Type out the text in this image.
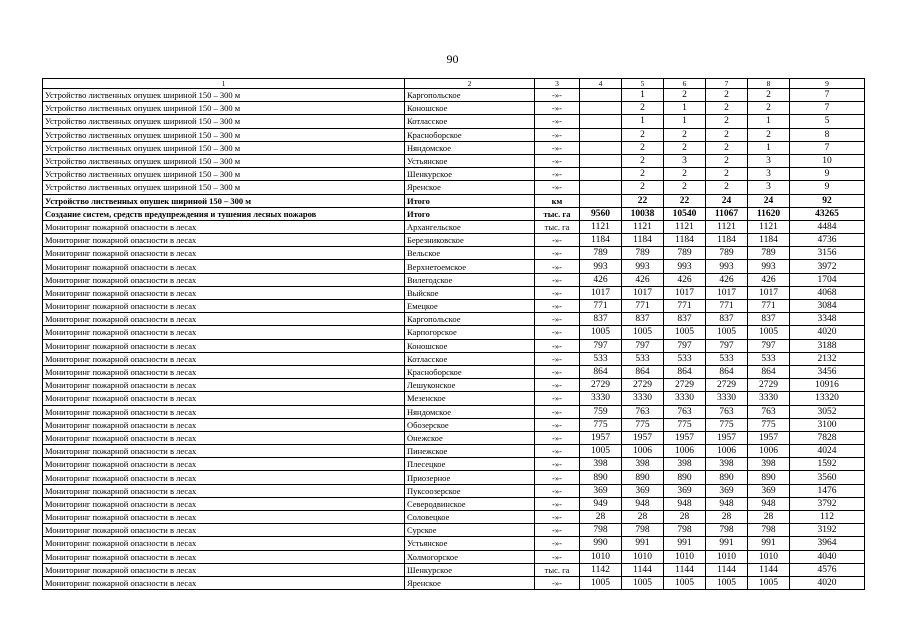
90
1	2	3	4	5	6	7	8	9
Устройство лиственных опушек шириной 150 – 300 м	Каргопольское	-»-		1	2	2	2	7
Устройство лиственных опушек шириной 150 – 300 м	Коношское	-»-		2	1	2	2	7
Устройство лиственных опушек шириной 150 – 300 м	Котласское	-»-		1	1	2	1	5
Устройство лиственных опушек шириной 150 – 300 м	Красноборское	-»-		2	2	2	2	8
Устройство лиственных опушек шириной 150 – 300 м	Няндомское	-»-		2	2	2	1	7
Устройство лиственных опушек шириной 150 – 300 м	Устьянское	-»-		2	3	2	3	10
Устройство лиственных опушек шириной 150 – 300 м	Шенкурское	-»-		2	2	2	3	9
Устройство лиственных опушек шириной 150 – 300 м	Яренское	-»-		2	2	2	3	9
Устройство лиственных опушек шириной 150 – 300 м	Итого	км		22	22	24	24	92
Создание систем, средств предупреждения и тушения лесных пожаров	Итого	тыс. га	9560	10038	10540	11067	11620	43265
Мониторинг пожарной опасности в лесах	Архангельское	тыс. га	1121	1121	1121	1121	1121	4484
Мониторинг пожарной опасности в лесах	Березниковское	-»-	1184	1184	1184	1184	1184	4736
Мониторинг пожарной опасности в лесах	Вельское	-»-	789	789	789	789	789	3156
Мониторинг пожарной опасности в лесах	Верхнетоемское	-»-	993	993	993	993	993	3972
Мониторинг пожарной опасности в лесах	Вилегодское	-»-	426	426	426	426	426	1704
Мониторинг пожарной опасности в лесах	Выйское	-»-	1017	1017	1017	1017	1017	4068
Мониторинг пожарной опасности в лесах	Емецкое	-»-	771	771	771	771	771	3084
Мониторинг пожарной опасности в лесах	Каргопольское	-»-	837	837	837	837	837	3348
Мониторинг пожарной опасности в лесах	Карпогорское	-»-	1005	1005	1005	1005	1005	4020
Мониторинг пожарной опасности в лесах	Коношское	-»-	797	797	797	797	797	3188
Мониторинг пожарной опасности в лесах	Котласское	-»-	533	533	533	533	533	2132
Мониторинг пожарной опасности в лесах	Красноборское	-»-	864	864	864	864	864	3456
Мониторинг пожарной опасности в лесах	Лешуконское	-»-	2729	2729	2729	2729	2729	10916
Мониторинг пожарной опасности в лесах	Мезенское	-»-	3330	3330	3330	3330	3330	13320
Мониторинг пожарной опасности в лесах	Няндомское	-»-	759	763	763	763	763	3052
Мониторинг пожарной опасности в лесах	Обозерское	-»-	775	775	775	775	775	3100
Мониторинг пожарной опасности в лесах	Онежское	-»-	1957	1957	1957	1957	1957	7828
Мониторинг пожарной опасности в лесах	Пинежское	-»-	1005	1006	1006	1006	1006	4024
Мониторинг пожарной опасности в лесах	Плесецкое	-»-	398	398	398	398	398	1592
Мониторинг пожарной опасности в лесах	Приозерное	-»-	890	890	890	890	890	3560
Мониторинг пожарной опасности в лесах	Пуксоозерское	-»-	369	369	369	369	369	1476
Мониторинг пожарной опасности в лесах	Северодвинское	-»-	949	948	948	948	948	3792
Мониторинг пожарной опасности в лесах	Соловецкое	-»-	28	28	28	28	28	112
Мониторинг пожарной опасности в лесах	Сурское	-»-	798	798	798	798	798	3192
Мониторинг пожарной опасности в лесах	Устьянское	-»-	990	991	991	991	991	3964
Мониторинг пожарной опасности в лесах	Холмогорское	-»-	1010	1010	1010	1010	1010	4040
Мониторинг пожарной опасности в лесах	Шенкурское	тыс. га	1142	1144	1144	1144	1144	4576
Мониторинг пожарной опасности в лесах	Яренское	-»-	1005	1005	1005	1005	1005	4020
